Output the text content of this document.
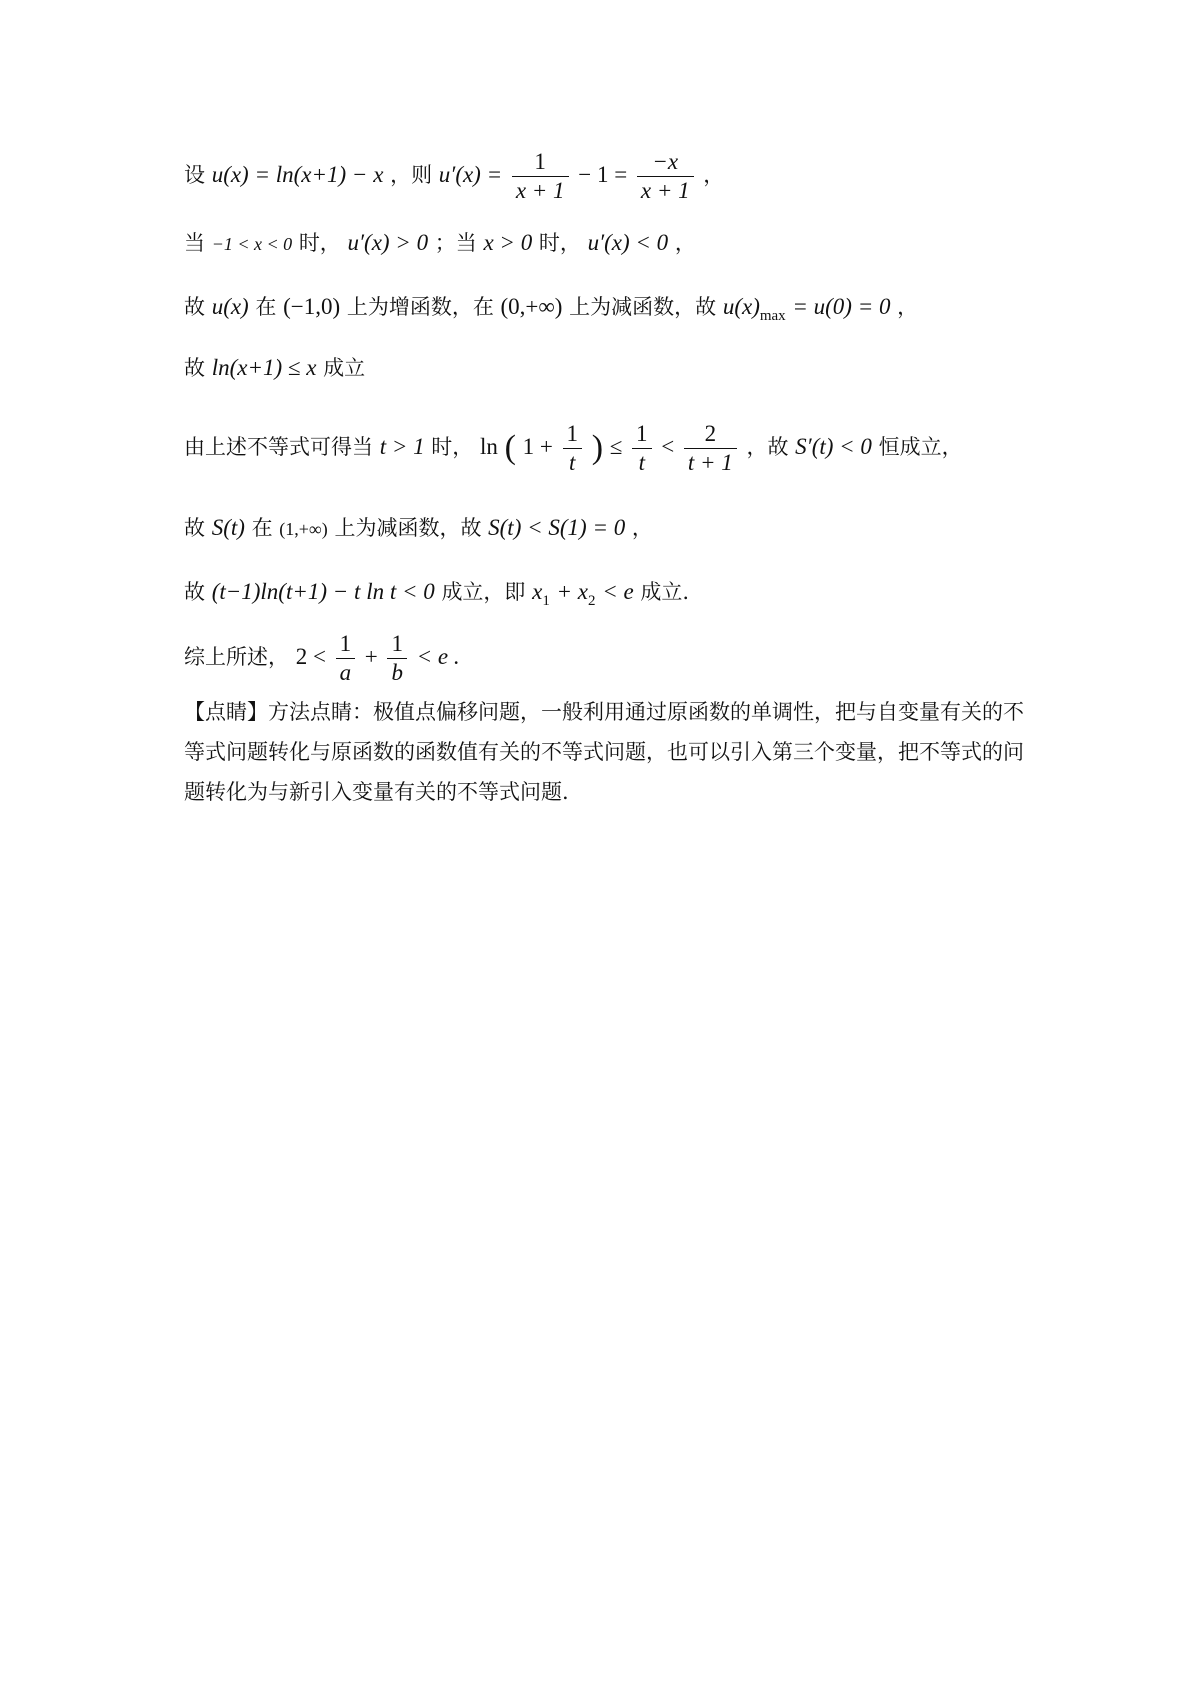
设 u(x) = ln(x+1) − x ，则 $u'(x) = \frac{1}{x + 1} - 1 = \frac{-x}{x + 1}$ ，
当 −1 < x < 0 时， u′(x) > 0 ；当 x > 0 时， u′(x) < 0 ，
故 u(x) 在 (−1,0) 上为增函数，在 (0,+∞) 上为减函数，故 $u(x)_{max} = u(0) = 0$ ，
故 ln(x+1) ≤ x 成立
由上述不等式可得当 t > 1 时， ln ( $1 + \frac{1}{t}$ ) ≤ $\frac{1}{t} < \frac{2}{t + 1}$ ，故 S′(t) < 0 恒成立，
故 S(t) 在 (1,+∞) 上为减函数，故 S(t) < S(1) = 0 ，
故 (t−1)ln(t+1) − t ln t < 0 成立，即 $x_1 + x_2 < e$ 成立.
综上所述， $2 < \frac{1}{a} + \frac{1}{b} < e$ .
【点睛】方法点睛：极值点偏移问题，一般利用通过原函数的单调性，把与自变量有关的不等式问题转化与原函数的函数值有关的不等式问题，也可以引入第三个变量，把不等式的问题转化为与新引入变量有关的不等式问题.
